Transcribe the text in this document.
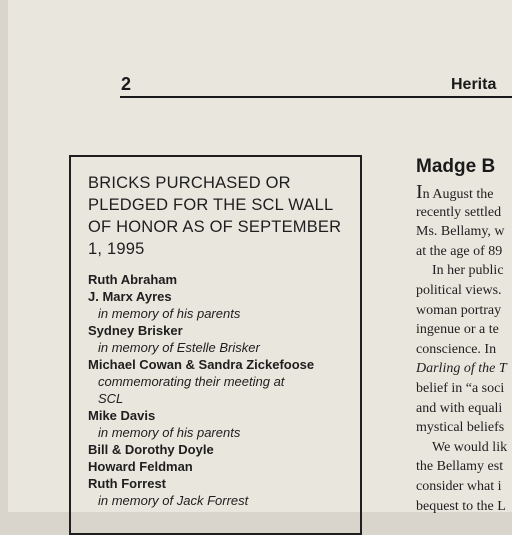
2	Herita
BRICKS PURCHASED OR PLEDGED FOR THE SCL WALL OF HONOR AS OF SEPTEMBER 1, 1995
Ruth Abraham
J. Marx Ayres
in memory of his parents
Sydney Brisker
in memory of Estelle Brisker
Michael Cowan & Sandra Zickefoose
commemorating their meeting at
SCL
Mike Davis
in memory of his parents
Bill & Dorothy Doyle
Howard Feldman
Ruth Forrest
in memory of Jack Forrest
Madge B
In August the
recently settled
Ms. Bellamy, w
at the age of 89
In her public
political views.
woman portray
ingenue or a te
conscience. In
Darling of the T
belief in “a soci
and with equali
mystical beliefs
We would lik
the Bellamy est
consider what i
bequest to the L
